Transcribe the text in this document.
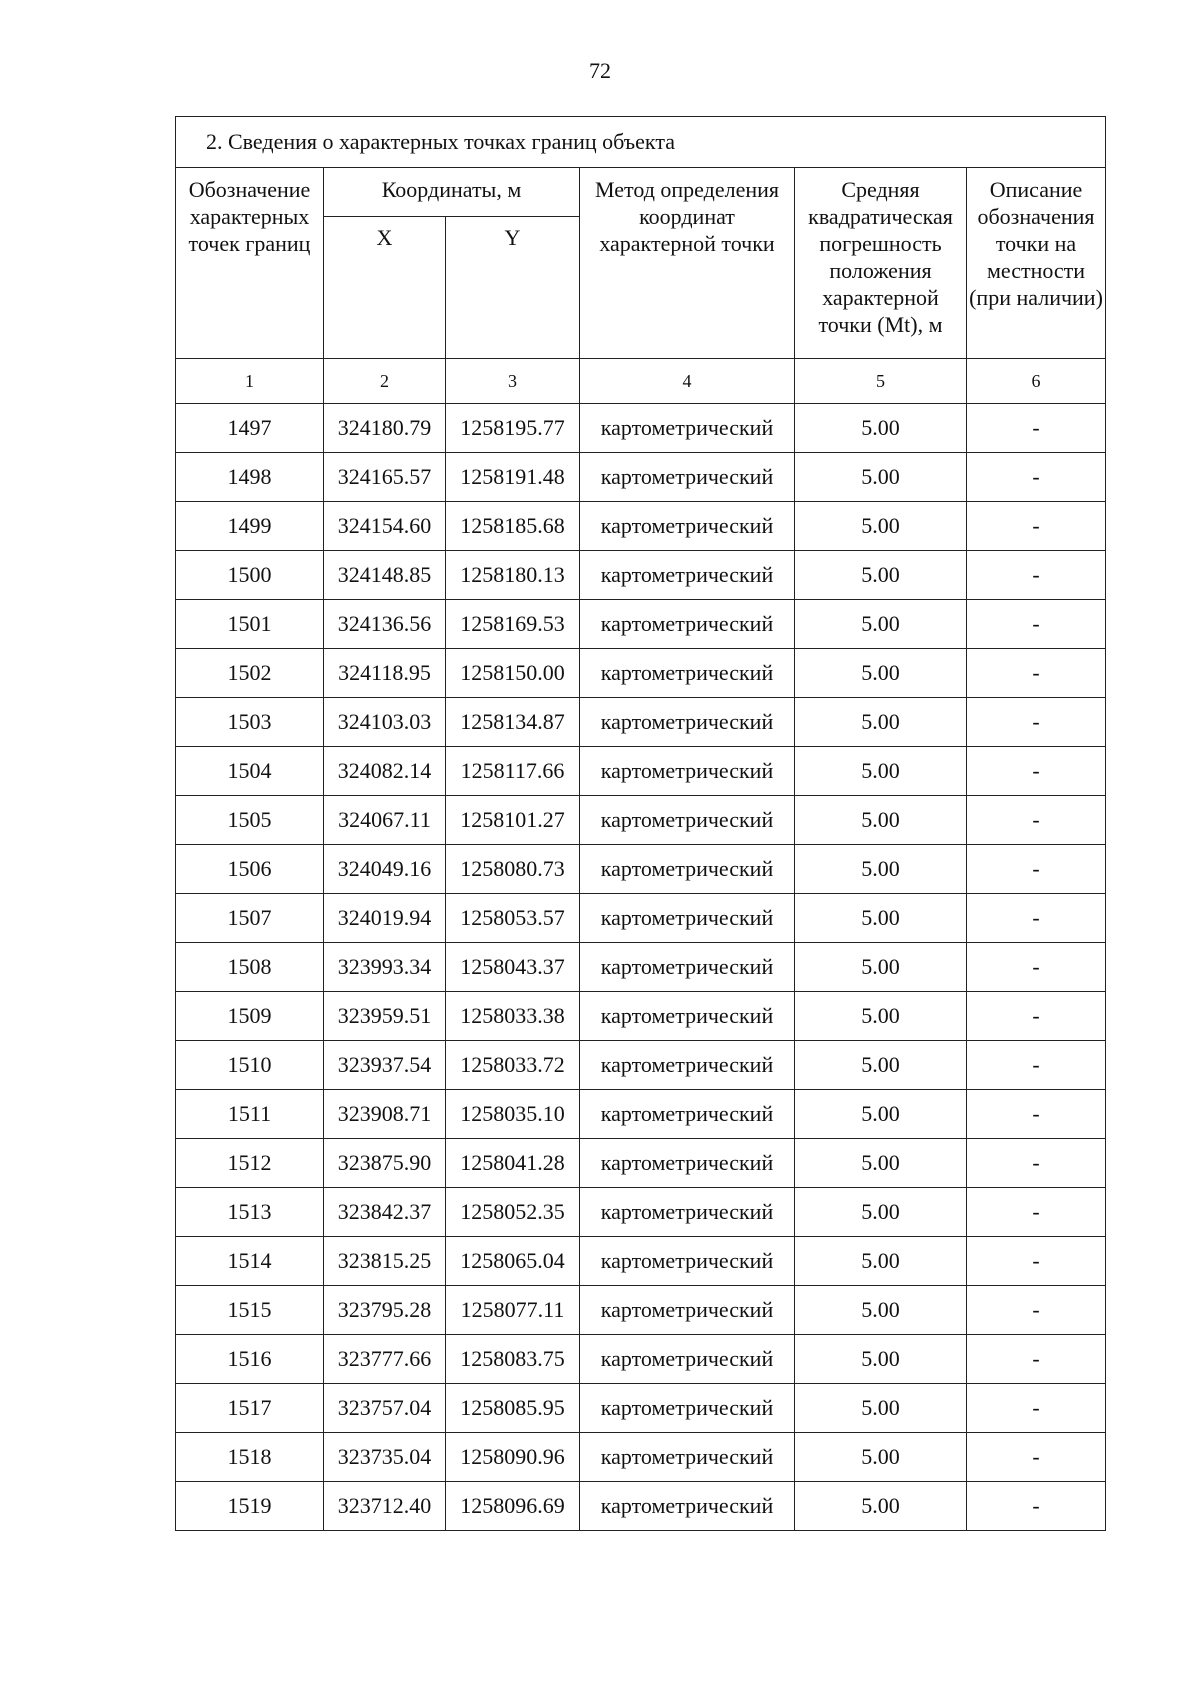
72
2. Сведения о характерных точках границ объекта					
Обозначение характерных точек границ	Координаты, м		Метод определения координат характерной точки	Средняя квадратическая погрешность положения характерной точки (Mt), м	Описание обозначения точки на местности (при наличии)
	X	Y			
1	2	3	4	5	6
1497	324180.79	1258195.77	картометрический	5.00	-
1498	324165.57	1258191.48	картометрический	5.00	-
1499	324154.60	1258185.68	картометрический	5.00	-
1500	324148.85	1258180.13	картометрический	5.00	-
1501	324136.56	1258169.53	картометрический	5.00	-
1502	324118.95	1258150.00	картометрический	5.00	-
1503	324103.03	1258134.87	картометрический	5.00	-
1504	324082.14	1258117.66	картометрический	5.00	-
1505	324067.11	1258101.27	картометрический	5.00	-
1506	324049.16	1258080.73	картометрический	5.00	-
1507	324019.94	1258053.57	картометрический	5.00	-
1508	323993.34	1258043.37	картометрический	5.00	-
1509	323959.51	1258033.38	картометрический	5.00	-
1510	323937.54	1258033.72	картометрический	5.00	-
1511	323908.71	1258035.10	картометрический	5.00	-
1512	323875.90	1258041.28	картометрический	5.00	-
1513	323842.37	1258052.35	картометрический	5.00	-
1514	323815.25	1258065.04	картометрический	5.00	-
1515	323795.28	1258077.11	картометрический	5.00	-
1516	323777.66	1258083.75	картометрический	5.00	-
1517	323757.04	1258085.95	картометрический	5.00	-
1518	323735.04	1258090.96	картометрический	5.00	-
1519	323712.40	1258096.69	картометрический	5.00	-
